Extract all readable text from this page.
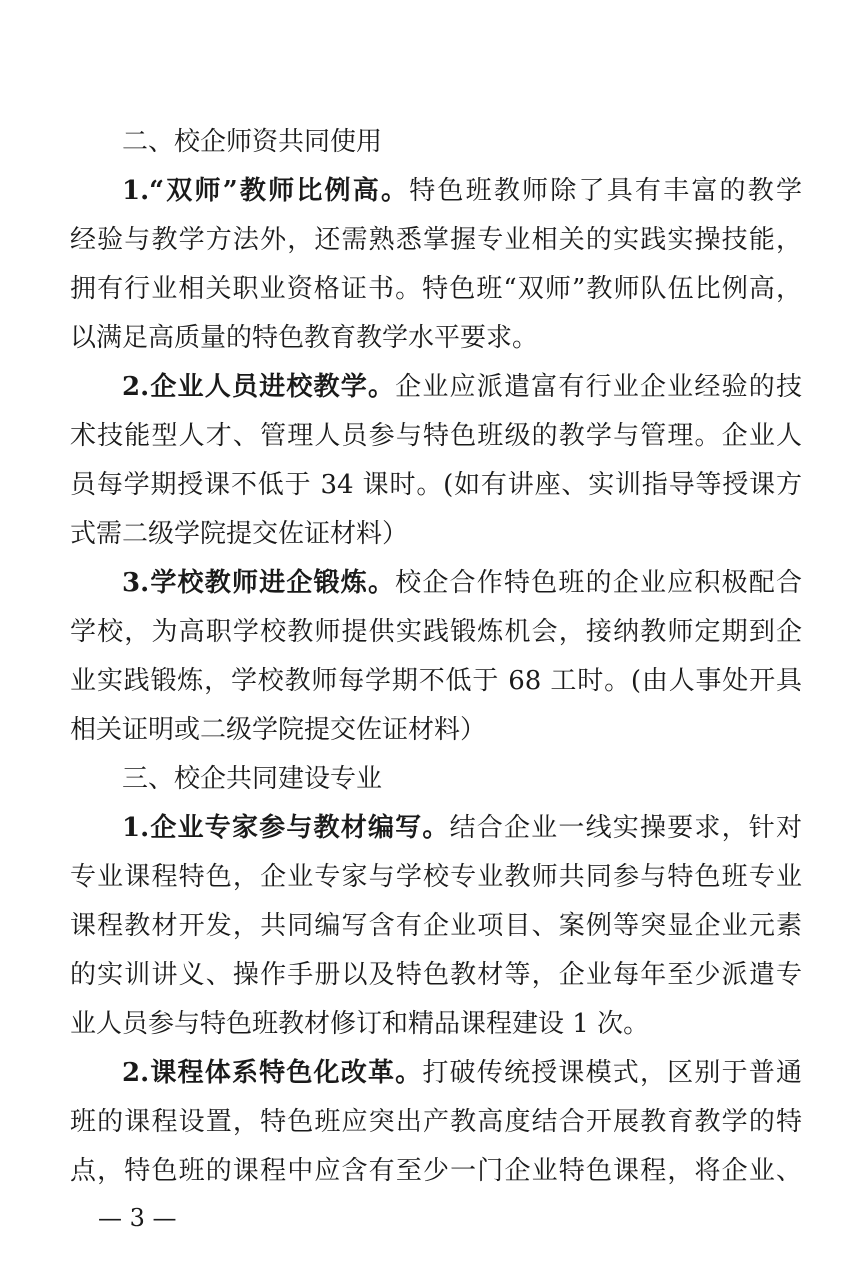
二、校企师资共同使用
1.“双师”教师比例高。特色班教师除了具有丰富的教学
经验与教学方法外，还需熟悉掌握专业相关的实践实操技能，
拥有行业相关职业资格证书。特色班“双师”教师队伍比例高，
以满足高质量的特色教育教学水平要求。
2.企业人员进校教学。企业应派遣富有行业企业经验的技
术技能型人才、管理人员参与特色班级的教学与管理。企业人
员每学期授课不低于 34 课时。(如有讲座、实训指导等授课方
式需二级学院提交佐证材料）
3.学校教师进企锻炼。校企合作特色班的企业应积极配合
学校，为高职学校教师提供实践锻炼机会，接纳教师定期到企
业实践锻炼，学校教师每学期不低于 68 工时。(由人事处开具
相关证明或二级学院提交佐证材料）
三、校企共同建设专业
1.企业专家参与教材编写。结合企业一线实操要求，针对
专业课程特色，企业专家与学校专业教师共同参与特色班专业
课程教材开发，共同编写含有企业项目、案例等突显企业元素
的实训讲义、操作手册以及特色教材等，企业每年至少派遣专
业人员参与特色班教材修订和精品课程建设 1 次。
2.课程体系特色化改革。打破传统授课模式，区别于普通
班的课程设置，特色班应突出产教高度结合开展教育教学的特
点，特色班的课程中应含有至少一门企业特色课程，将企业、
— 3 —
